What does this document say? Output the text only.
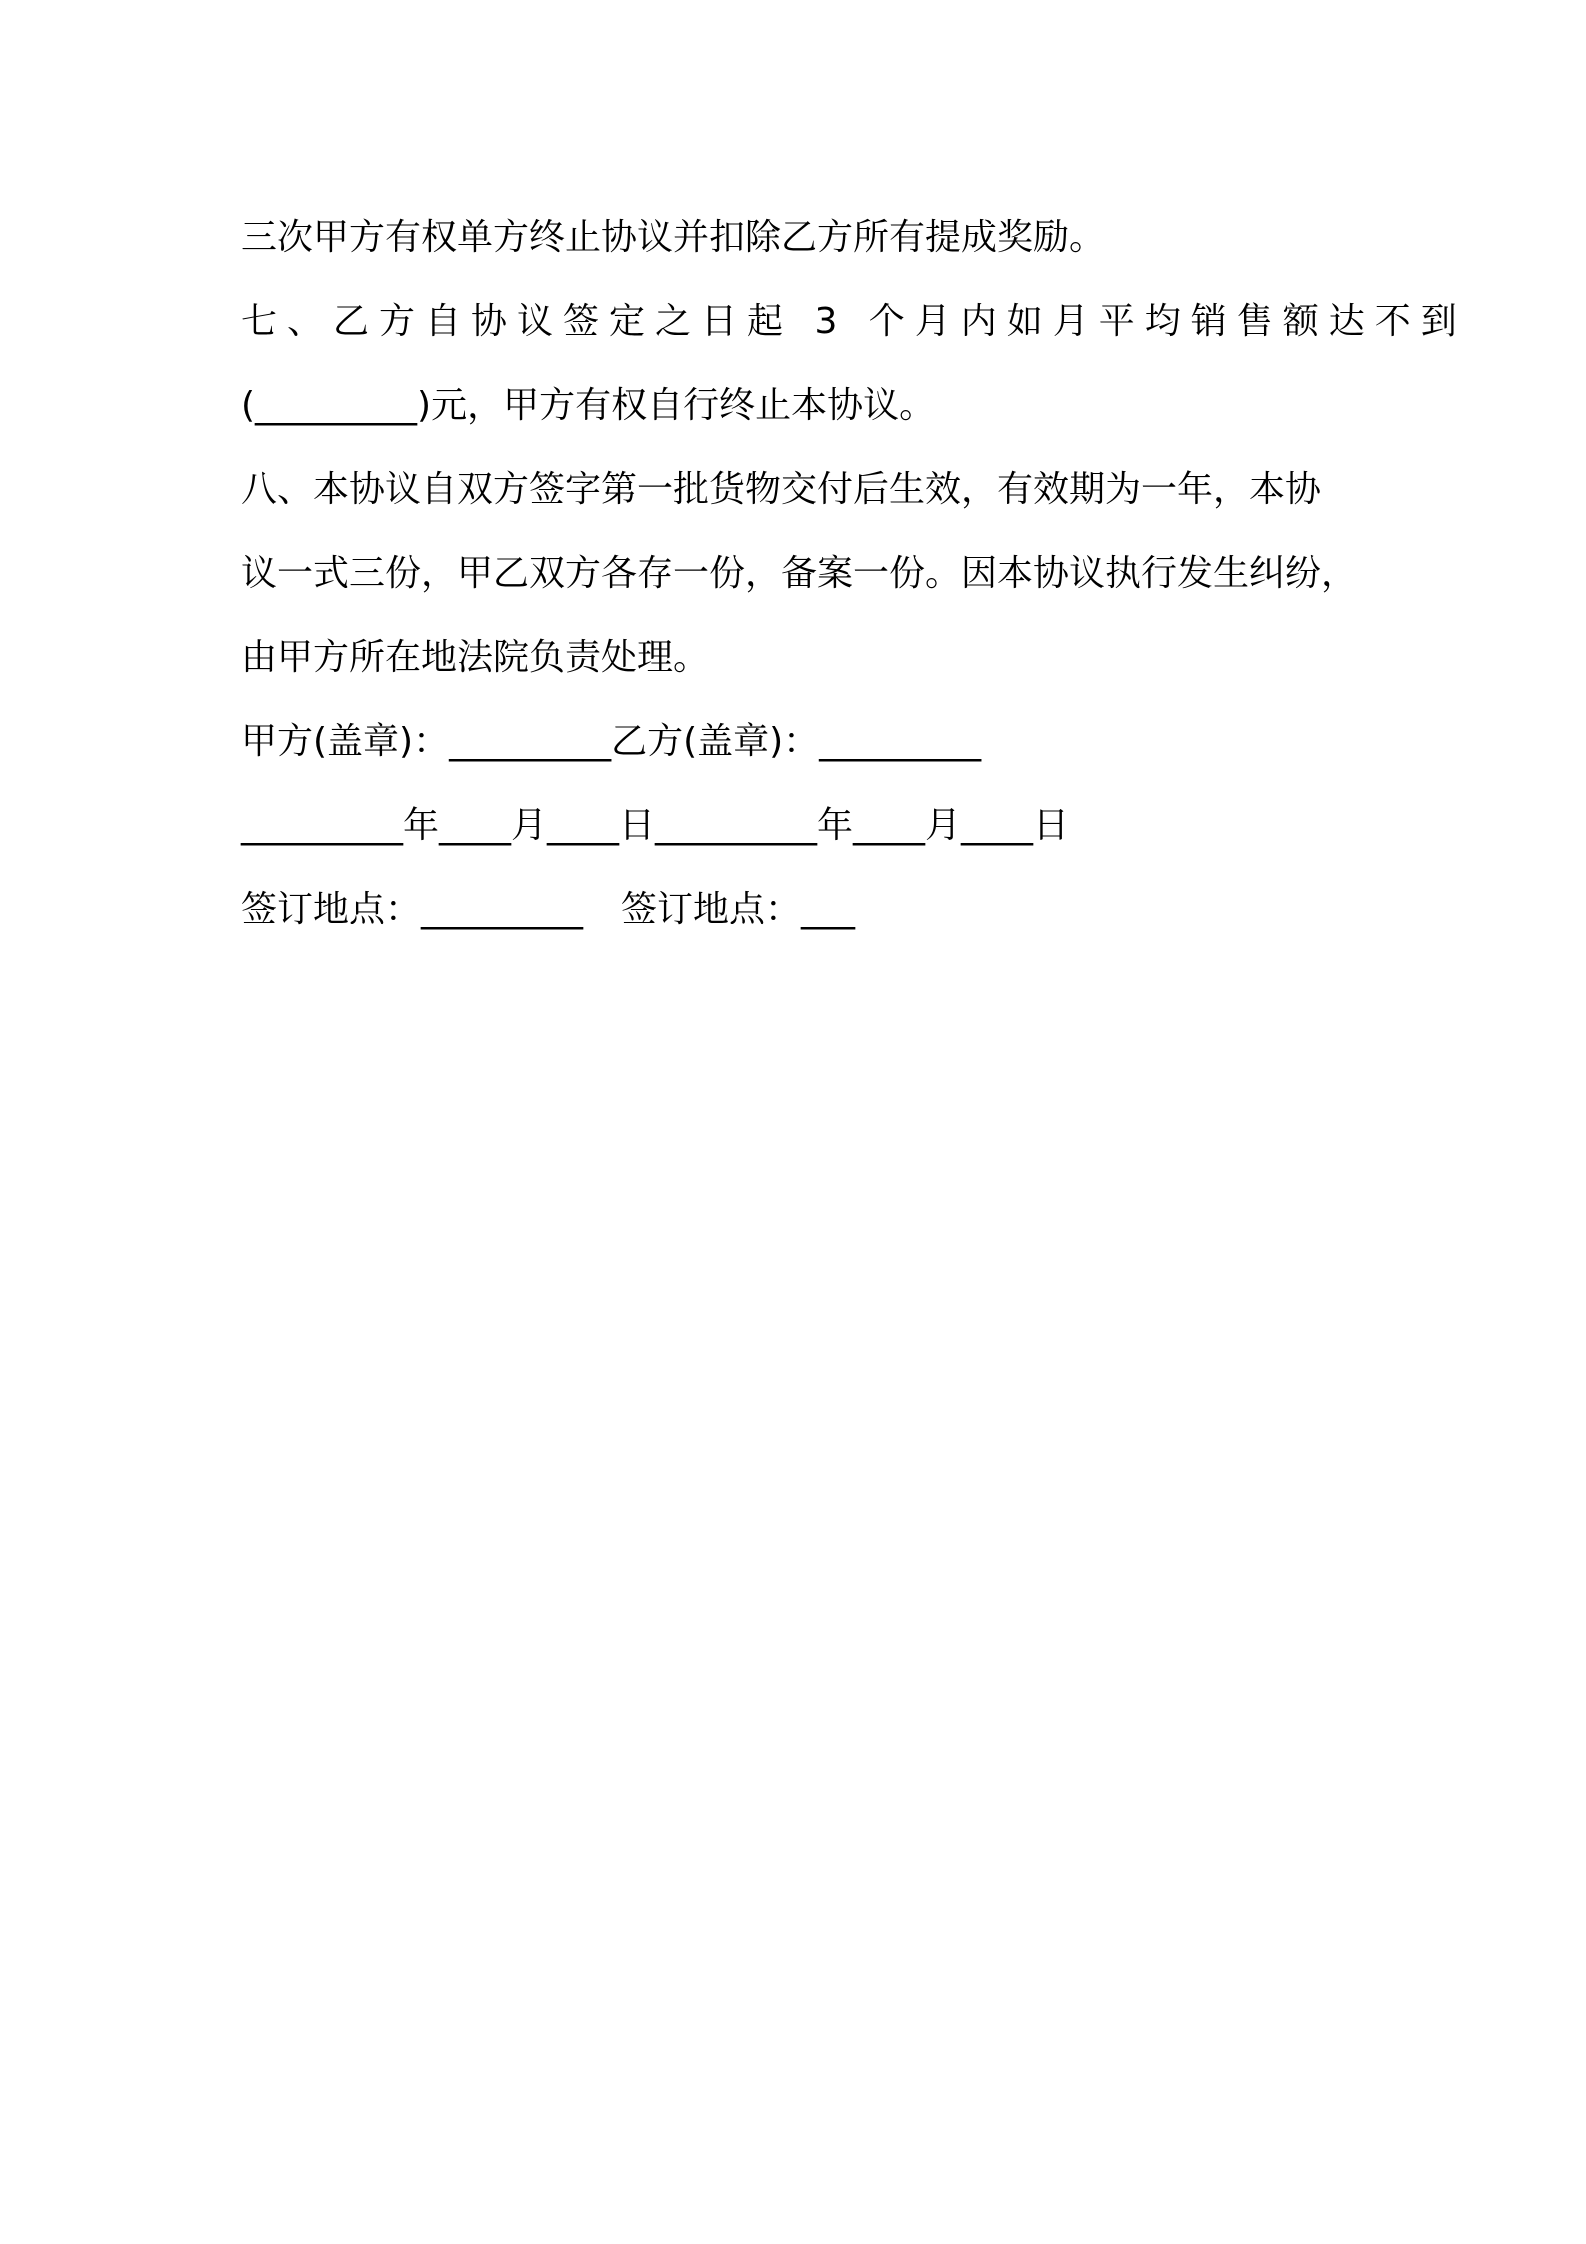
三次甲方有权单方终止协议并扣除乙方所有提成奖励。
七、乙方自协议签定之日起 3 个月内如月平均销售额达不到
(_________)元，甲方有权自行终止本协议。
八、本协议自双方签字第一批货物交付后生效，有效期为一年，本协
议一式三份，甲乙双方各存一份，备案一份。因本协议执行发生纠纷，
由甲方所在地法院负责处理。
甲方(盖章)：_________乙方(盖章)：_________
_________年____月____日_________年____月____日
签订地点：_________ 签订地点：___
